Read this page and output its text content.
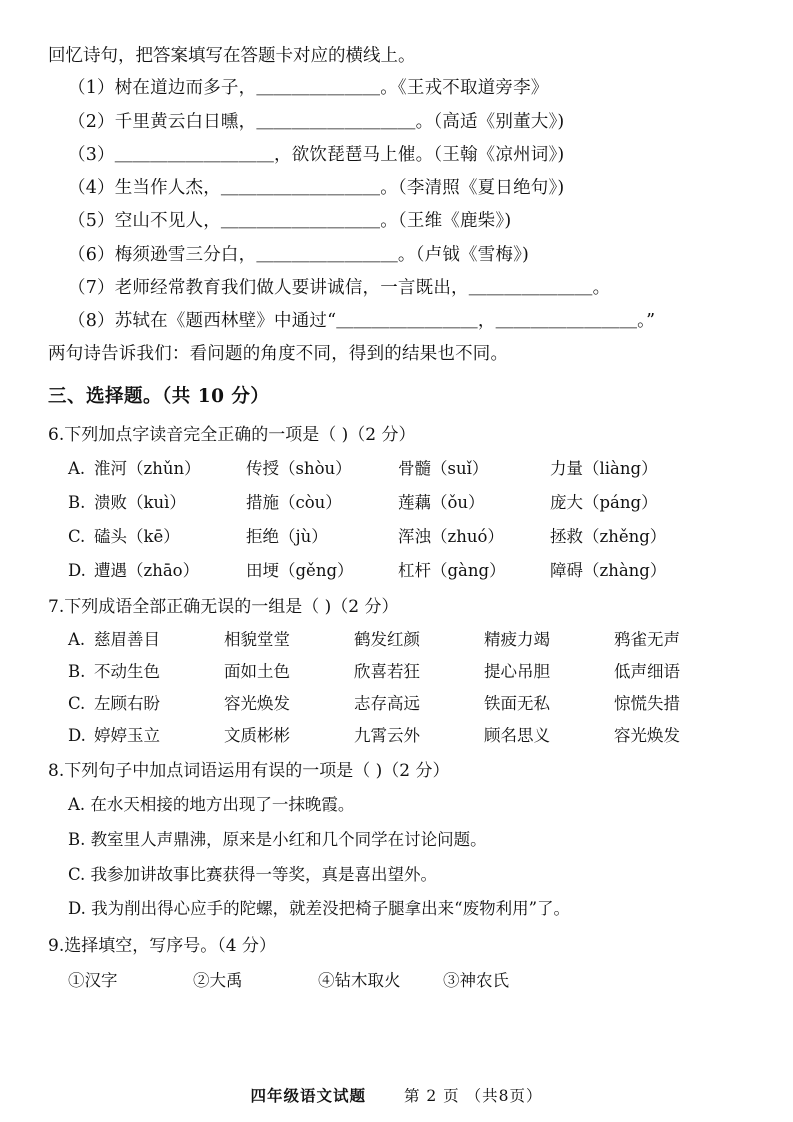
回忆诗句，把答案填写在答题卡对应的横线上。
（1）树在道边而多子，＿＿＿＿＿＿＿。《王戎不取道旁李》
（2）千里黄云白日曛，＿＿＿＿＿＿＿＿＿。（高适《别董大》)
（3）＿＿＿＿＿＿＿＿＿，欲饮琵琶马上催。（王翰《凉州词》)
（4）生当作人杰，＿＿＿＿＿＿＿＿＿。（李清照《夏日绝句》)
（5）空山不见人，＿＿＿＿＿＿＿＿＿。（王维《鹿柴》)
（6）梅须逊雪三分白，＿＿＿＿＿＿＿＿。（卢钺《雪梅》)
（7）老师经常教育我们做人要讲诚信，一言既出，＿＿＿＿＿＿＿。
（8）苏轼在《题西林壁》中通过“＿＿＿＿＿＿＿＿，＿＿＿＿＿＿＿＿。”
两句诗告诉我们：看问题的角度不同，得到的结果也不同。
三、选择题。（共 10 分）
6.下列加点字读音完全正确的一项是（ )（2 分）
A. 淮河（zhǔn）	传授（shòu）	骨髓（suǐ）	力量（liàng）
B. 溃败（kuì）	措施（còu）	莲藕（ǒu）	庞大（páng）
C. 磕头（kē）	拒绝（jù）	浑浊（zhuó）	拯救（zhěng）
D. 遭遇（zhāo）	田埂（gěng）	杠杆（gàng）	障碍（zhàng）
7.下列成语全部正确无误的一组是（ )（2 分）
A. 慈眉善目	相貌堂堂	鹤发红颜	精疲力竭	鸦雀无声
B. 不动生色	面如土色	欣喜若狂	提心吊胆	低声细语
C. 左顾右盼	容光焕发	志存高远	铁面无私	惊慌失措
D. 婷婷玉立	文质彬彬	九霄云外	顾名思义	容光焕发
8.下列句子中加点词语运用有误的一项是（ )（2 分）
A. 在水天相接的地方出现了一抹晚霞。
B. 教室里人声鼎沸，原来是小红和几个同学在讨论问题。
C. 我参加讲故事比赛获得一等奖，真是喜出望外。
D. 我为削出得心应手的陀螺，就差没把椅子腿拿出来“废物利用”了。
9.选择填空，写序号。（4 分）
①汉字	②大禹	④钻木取火	③神农氏
四年级语文试题 第 2 页 （共8页）
